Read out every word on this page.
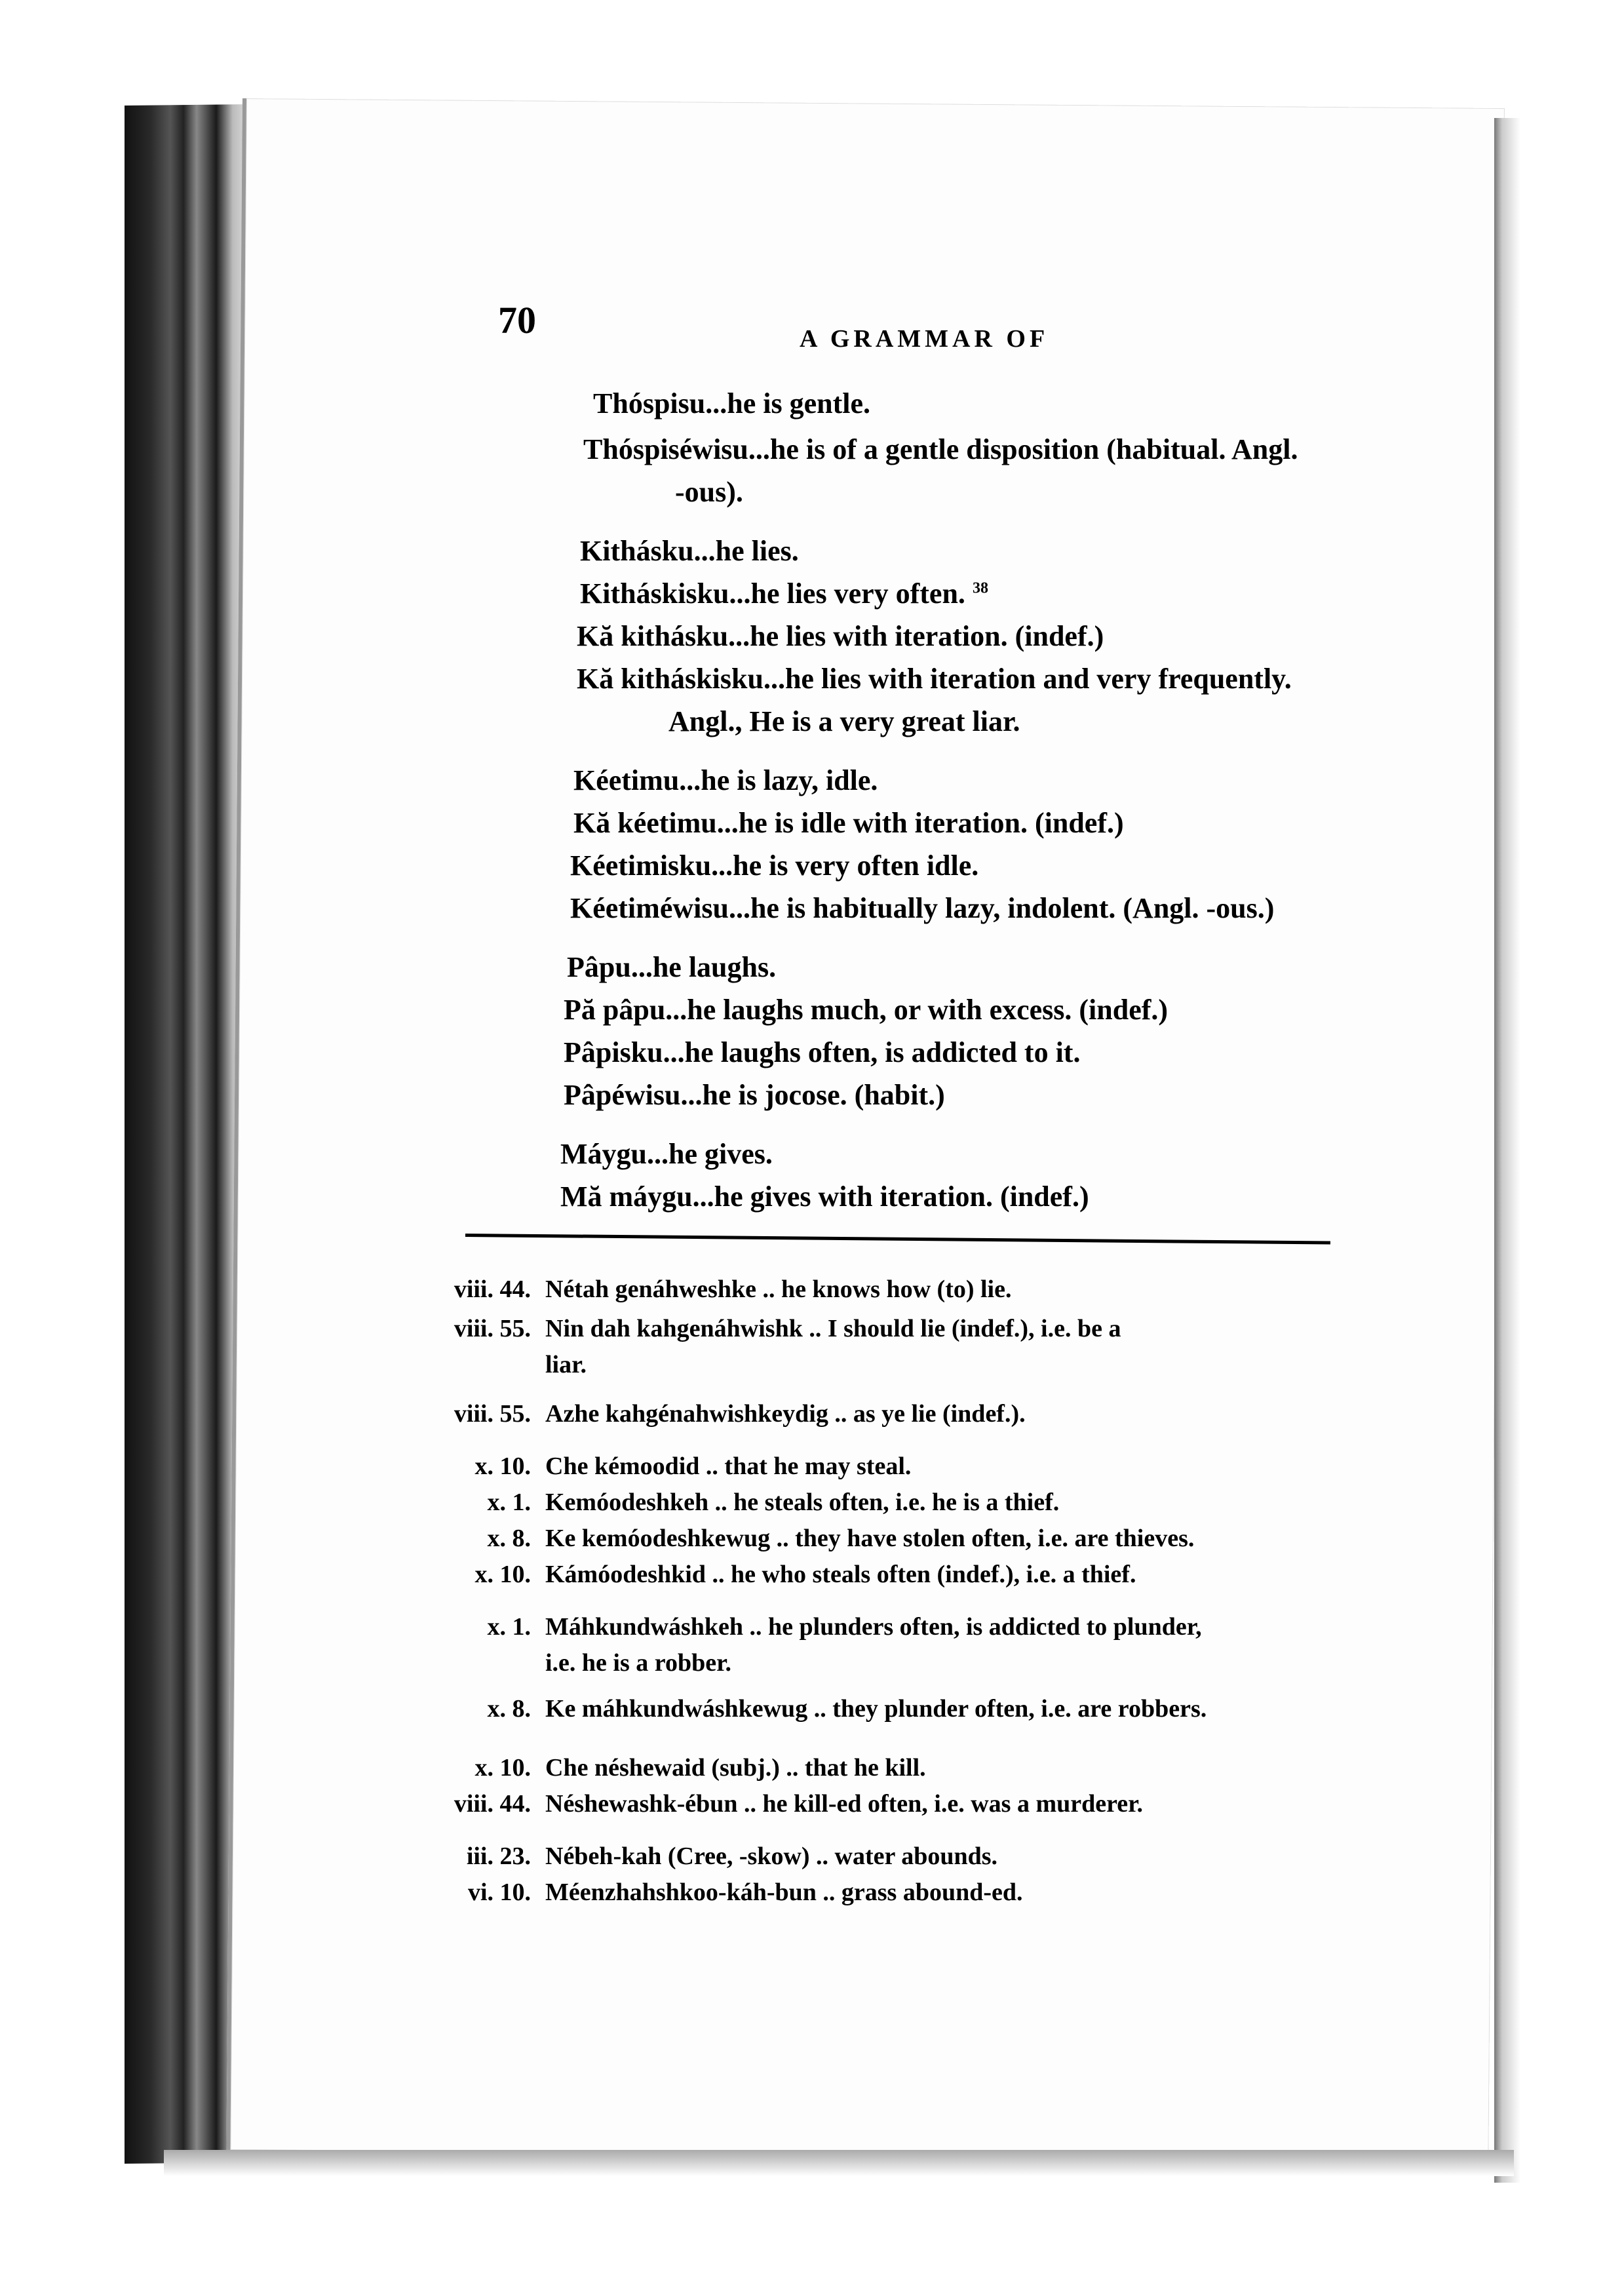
70	A GRAMMAR OF
Thóspisu...he is gentle.
Thóspiséwisu...he is of a gentle disposition (habitual. Angl.
-ous).
Kithásku...he lies.
Kitháskisku...he lies very often. $^{38}$
Kă kithásku...he lies with iteration. (indef.)
Kă kitháskisku...he lies with iteration and very frequently.
Angl., He is a very great liar.
Kéetimu...he is lazy, idle.
Kă kéetimu...he is idle with iteration. (indef.)
Kéetimisku...he is very often idle.
Kéetiméwisu...he is habitually lazy, indolent. (Angl. -ous.)
Pâpu...he laughs.
Pă pâpu...he laughs much, or with excess. (indef.)
Pâpisku...he laughs often, is addicted to it.
Pâpéwisu...he is jocose. (habit.)
Máygu...he gives.
Mă máygu...he gives with iteration. (indef.)
viii. 44. Nétah genáhweshke .. he knows how (to) lie.
viii. 55. Nin dah kahgenáhwishk .. I should lie (indef.), i.e. be a
liar.
viii. 55. Azhe kahgénahwishkeydig .. as ye lie (indef.).
x. 10. Che kémoodid .. that he may steal.
x. 1. Kemóodeshkeh .. he steals often, i.e. he is a thief.
x. 8. Ke kemóodeshkewug .. they have stolen often, i.e. are thieves.
x. 10. Kámóodeshkid .. he who steals often (indef.), i.e. a thief.
x. 1. Máhkundwáshkeh .. he plunders often, is addicted to plunder,
i.e. he is a robber.
x. 8. Ke máhkundwáshkewug .. they plunder often, i.e. are robbers.
x. 10. Che néshewaid (subj.) .. that he kill.
viii. 44. Néshewashk-ébun .. he kill-ed often, i.e. was a murderer.
iii. 23. Nébeh-kah (Cree, -skow) .. water abounds.
vi. 10. Méenzhahshkoo-káh-bun .. grass abound-ed.
